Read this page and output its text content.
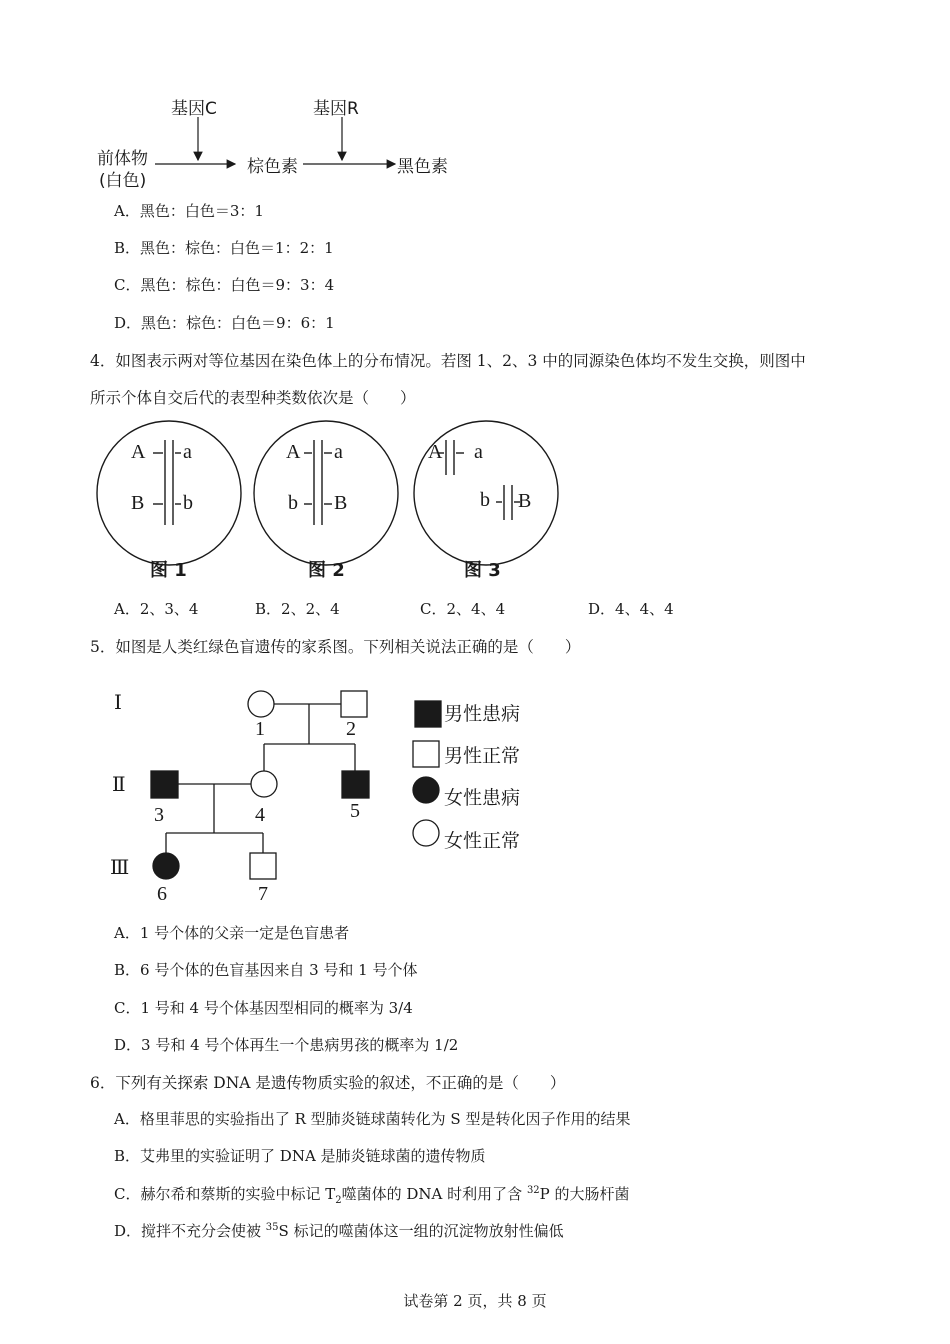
基因C	基因R
前体物
(白色)
棕色素	黑色素
A．黑色：白色＝3：1
B．黑色：棕色：白色＝1：2：1
C．黑色：棕色：白色＝9：3：4
D．黑色：棕色：白色＝9：6：1
4．如图表示两对等位基因在染色体上的分布情况。若图 1、2、3 中的同源染色体均不发生交换，则图中
所示个体自交后代的表型种类数依次是（　　）
A a
B b
图 1
A a
b B
图 2
A a
b B
图 3
A．2、3、4	B．2、2、4	C．2、4、4	D．4、4、4
5．如图是人类红绿色盲遗传的家系图。下列相关说法正确的是（　　）
Ⅰ
Ⅱ
Ⅲ
1	2
3	4	5
6	7
男性患病
男性正常
女性患病
女性正常
A．1 号个体的父亲一定是色盲患者
B．6 号个体的色盲基因来自 3 号和 1 号个体
C．1 号和 4 号个体基因型相同的概率为 3/4
D．3 号和 4 号个体再生一个患病男孩的概率为 1/2
6．下列有关探索 DNA 是遗传物质实验的叙述，不正确的是（　　）
A．格里菲思的实验指出了 R 型肺炎链球菌转化为 S 型是转化因子作用的结果
B．艾弗里的实验证明了 DNA 是肺炎链球菌的遗传物质
C．赫尔希和蔡斯的实验中标记 $T_2$噬菌体的 DNA 时利用了含 $^{32}$P 的大肠杆菌
D．搅拌不充分会使被 $^{35}$S 标记的噬菌体这一组的沉淀物放射性偏低
试卷第 2 页，共 8 页
